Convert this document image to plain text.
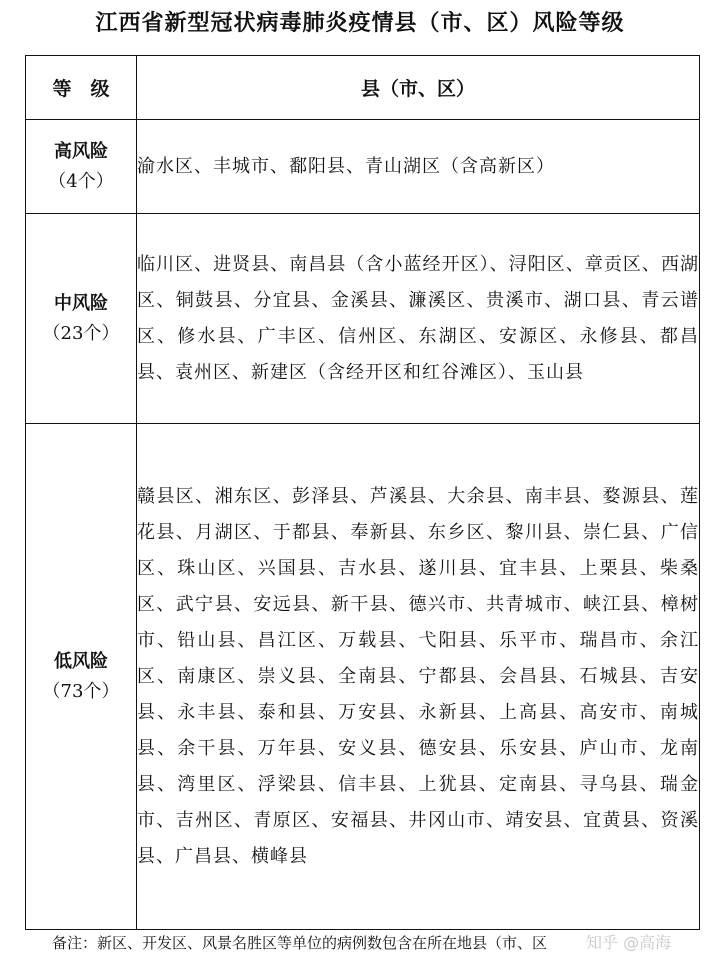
江西省新型冠状病毒肺炎疫情县（市、区）风险等级
等　级	县（市、区）

高风险
（4个）	渝水区、丰城市、鄱阳县、青山湖区（含高新区）

中风险
（23个）	临川区、进贤县、南昌县（含小蓝经开区）、浔阳区、章贡区、西湖区、铜鼓县、分宜县、金溪县、濂溪区、贵溪市、湖口县、青云谱区、修水县、广丰区、信州区、东湖区、安源区、永修县、都昌县、袁州区、新建区（含经开区和红谷滩区）、玉山县

低风险
（73个）	赣县区、湘东区、彭泽县、芦溪县、大余县、南丰县、婺源县、莲花县、月湖区、于都县、奉新县、东乡区、黎川县、崇仁县、广信区、珠山区、兴国县、吉水县、遂川县、宜丰县、上栗县、柴桑区、武宁县、安远县、新干县、德兴市、共青城市、峡江县、樟树市、铅山县、昌江区、万载县、弋阳县、乐平市、瑞昌市、余江区、南康区、崇义县、全南县、宁都县、会昌县、石城县、吉安县、永丰县、泰和县、万安县、永新县、上高县、高安市、南城县、余干县、万年县、安义县、德安县、乐安县、庐山市、龙南县、湾里区、浮梁县、信丰县、上犹县、定南县、寻乌县、瑞金市、吉州区、青原区、安福县、井冈山市、靖安县、宜黄县、资溪县、广昌县、横峰县
备注：新区、开发区、风景名胜区等单位的病例数包含在所在地县（市、区 知乎 @高海
